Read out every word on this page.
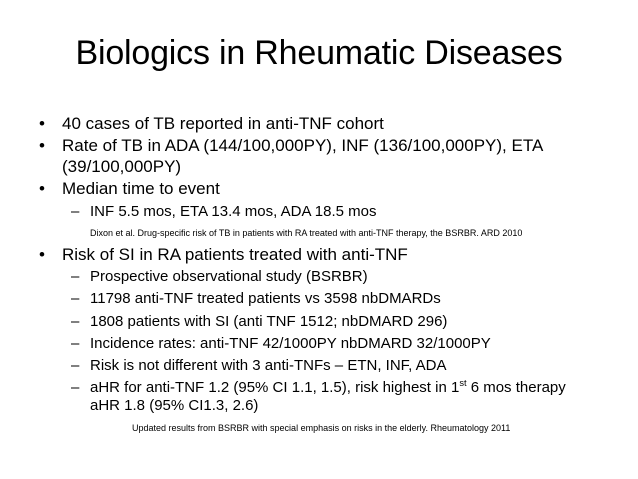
Biologics in Rheumatic Diseases
• 40 cases of TB reported in anti-TNF cohort
• Rate of TB in ADA (144/100,000PY), INF (136/100,000PY), ETA
(39/100,000PY)
• Median time to event
– INF 5.5 mos, ETA 13.4 mos, ADA 18.5 mos
Dixon et al. Drug-specific risk of TB in patients with RA treated with anti-TNF therapy, the BSRBR. ARD 2010
• Risk of SI in RA patients treated with anti-TNF
– Prospective observational study (BSRBR)
– 11798 anti-TNF treated patients vs 3598 nbDMARDs
– 1808 patients with SI (anti TNF 1512; nbDMARD 296)
– Incidence rates: anti-TNF 42/1000PY nbDMARD 32/1000PY
– Risk is not different with 3 anti-TNFs – ETN, INF, ADA
– aHR for anti-TNF 1.2 (95% CI 1.1, 1.5), risk highest in 1st 6 mos therapy
aHR 1.8 (95% CI1.3, 2.6)
Updated results from BSRBR with special emphasis on risks in the elderly. Rheumatology 2011
